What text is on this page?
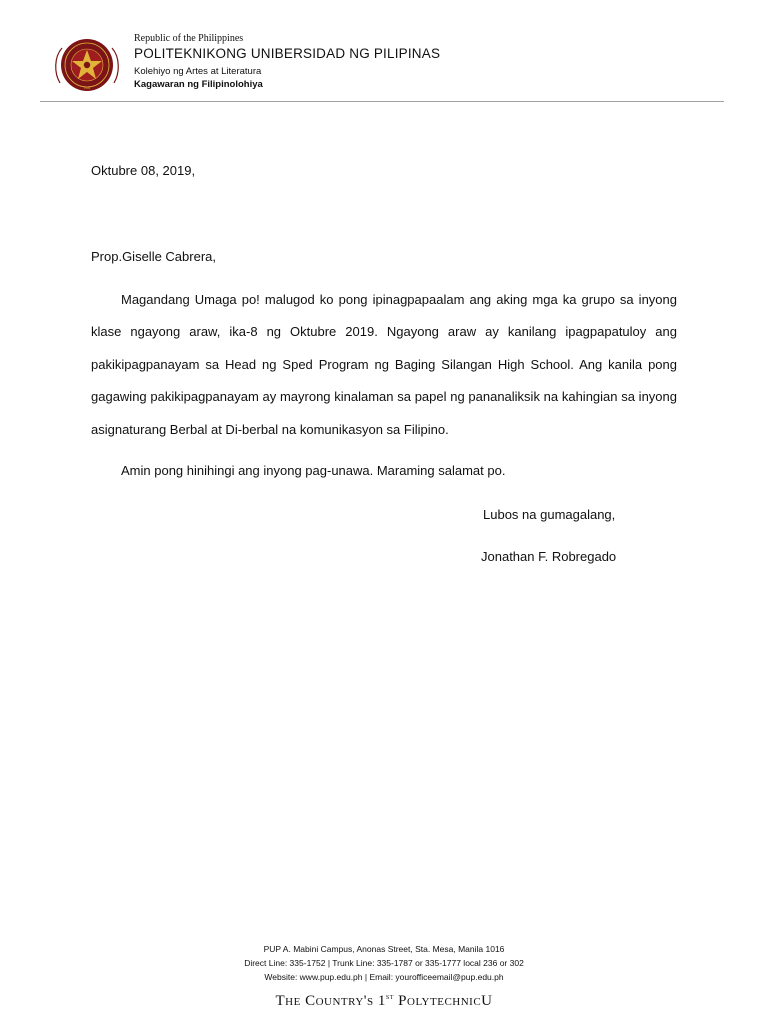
1904
Republic of the Philippines
POLITEKNIKONG UNIBERSIDAD NG PILIPINAS
Kolehiyo ng Artes at Literatura
Kagawaran ng Filipinolohiya
Oktubre 08, 2019,
Prop.Giselle Cabrera,
Magandang Umaga po! malugod ko pong ipinagpapaalam ang aking mga ka grupo sa inyong klase ngayong araw, ika-8 ng Oktubre 2019. Ngayong araw ay kanilang ipagpapatuloy ang pakikipagpanayam sa Head ng Sped Program ng Baging Silangan High School. Ang kanila pong gagawing pakikipagpanayam ay mayrong kinalaman sa papel ng pananaliksik na kahingian sa inyong asignaturang Berbal at Di-berbal na komunikasyon sa Filipino.
Amin pong hinihingi ang inyong pag-unawa. Maraming salamat po.
Lubos na gumagalang,
Jonathan F. Robregado
PUP A. Mabini Campus, Anonas Street, Sta. Mesa, Manila 1016
Direct Line: 335-1752 | Trunk Line: 335-1787 or 335-1777 local 236 or 302
Website: www.pup.edu.ph | Email: yourofficeemail@pup.edu.ph
The Country's 1st PolytechnicU
